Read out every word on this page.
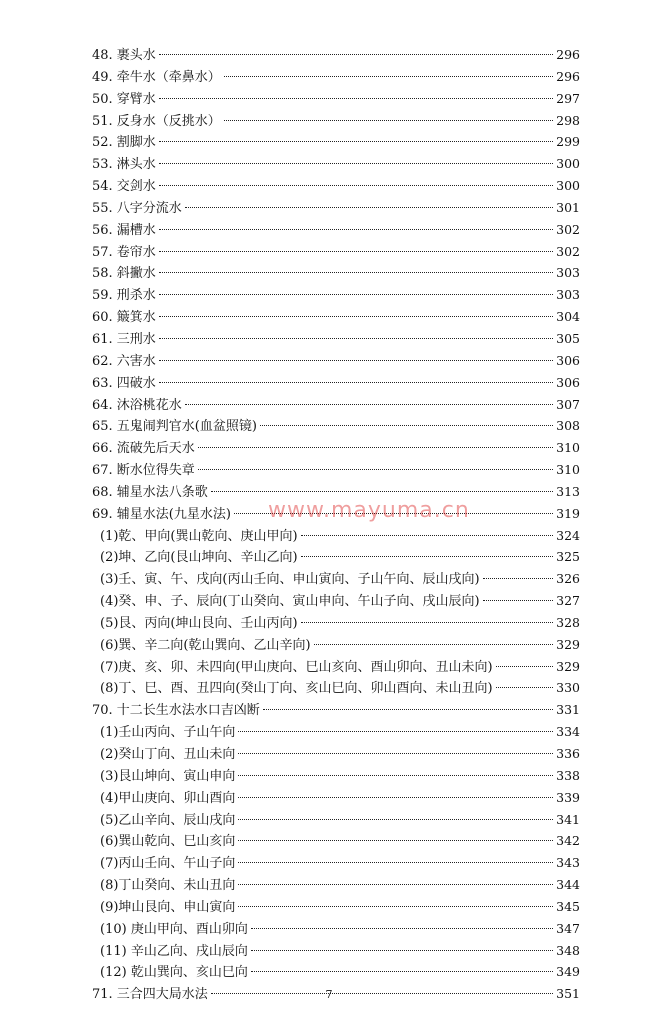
48. 裹头水	296
49. 牵牛水（牵鼻水）	296
50. 穿臂水	297
51. 反身水（反挑水）	298
52. 割脚水	299
53. 淋头水	300
54. 交剑水	300
55. 八字分流水	301
56. 漏槽水	302
57. 卷帘水	302
58. 斜撇水	303
59. 刑杀水	303
60. 簸箕水	304
61. 三刑水	305
62. 六害水	306
63. 四破水	306
64. 沐浴桃花水	307
65. 五鬼闹判官水(血盆照镜)	308
66. 流破先后天水	310
67. 断水位得失章	310
68. 辅星水法八条歌	313
69. 辅星水法(九星水法)	319
(1)乾、甲向(巽山乾向、庚山甲向)	324
(2)坤、乙向(艮山坤向、辛山乙向)	325
(3)壬、寅、午、戌向(丙山壬向、申山寅向、子山午向、辰山戌向)	326
(4)癸、申、子、辰向(丁山癸向、寅山申向、午山子向、戌山辰向)	327
(5)艮、丙向(坤山艮向、壬山丙向)	328
(6)巽、辛二向(乾山巽向、乙山辛向)	329
(7)庚、亥、卯、未四向(甲山庚向、巳山亥向、酉山卯向、丑山未向)	329
(8)丁、巳、酉、丑四向(癸山丁向、亥山巳向、卯山酉向、未山丑向)	330
70. 十二长生水法水口吉凶断	331
(1)壬山丙向、子山午向	334
(2)癸山丁向、丑山未向	336
(3)艮山坤向、寅山申向	338
(4)甲山庚向、卯山酉向	339
(5)乙山辛向、辰山戌向	341
(6)巽山乾向、巳山亥向	342
(7)丙山壬向、午山子向	343
(8)丁山癸向、未山丑向	344
(9)坤山艮向、申山寅向	345
(10) 庚山甲向、酉山卯向	347
(11) 辛山乙向、戌山辰向	348
(12) 乾山巽向、亥山巳向	349
71. 三合四大局水法	351
www.mayuma.cn
7
